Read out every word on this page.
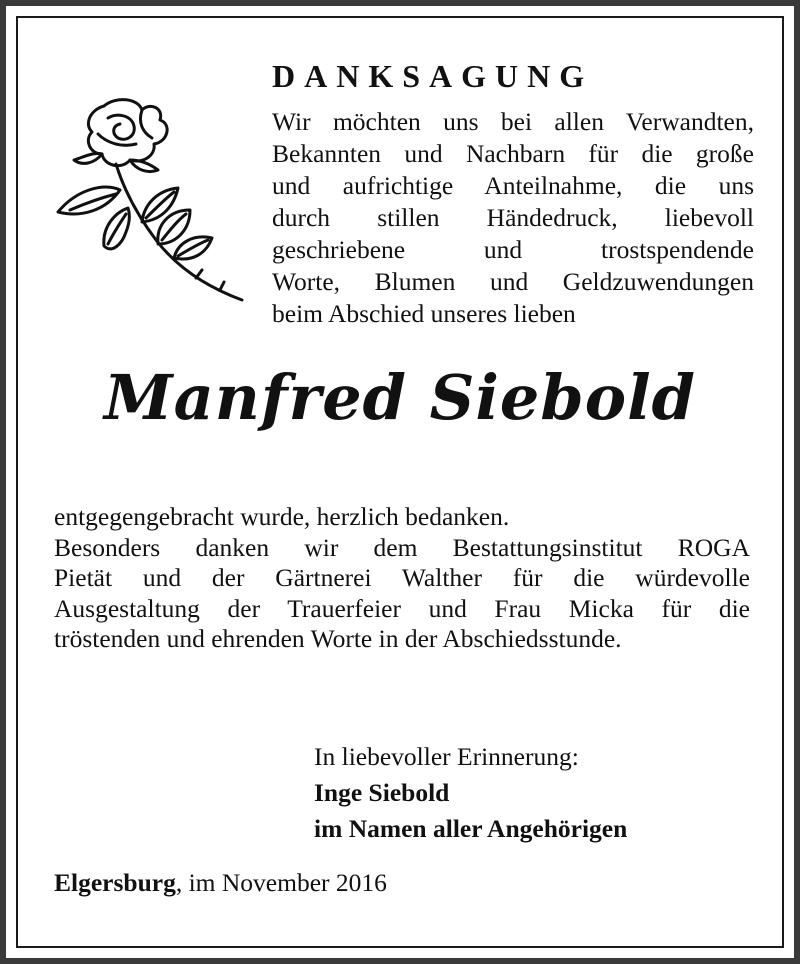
DANKSAGUNG

Wir möchten uns bei allen Verwandten,
Bekannten und Nachbarn für die große
und aufrichtige Anteilnahme, die uns
durch stillen Händedruck, liebevoll
geschriebene und trostspendende
Worte, Blumen und Geldzuwendungen
beim Abschied unseres lieben

Manfred Siebold

entgegengebracht wurde, herzlich bedanken.
Besonders danken wir dem Bestattungsinstitut ROGA
Pietät und der Gärtnerei Walther für die würdevolle
Ausgestaltung der Trauerfeier und Frau Micka für die
tröstenden und ehrenden Worte in der Abschiedsstunde.

In liebevoller Erinnerung:
Inge Siebold
im Namen aller Angehörigen

Elgersburg, im November 2016
